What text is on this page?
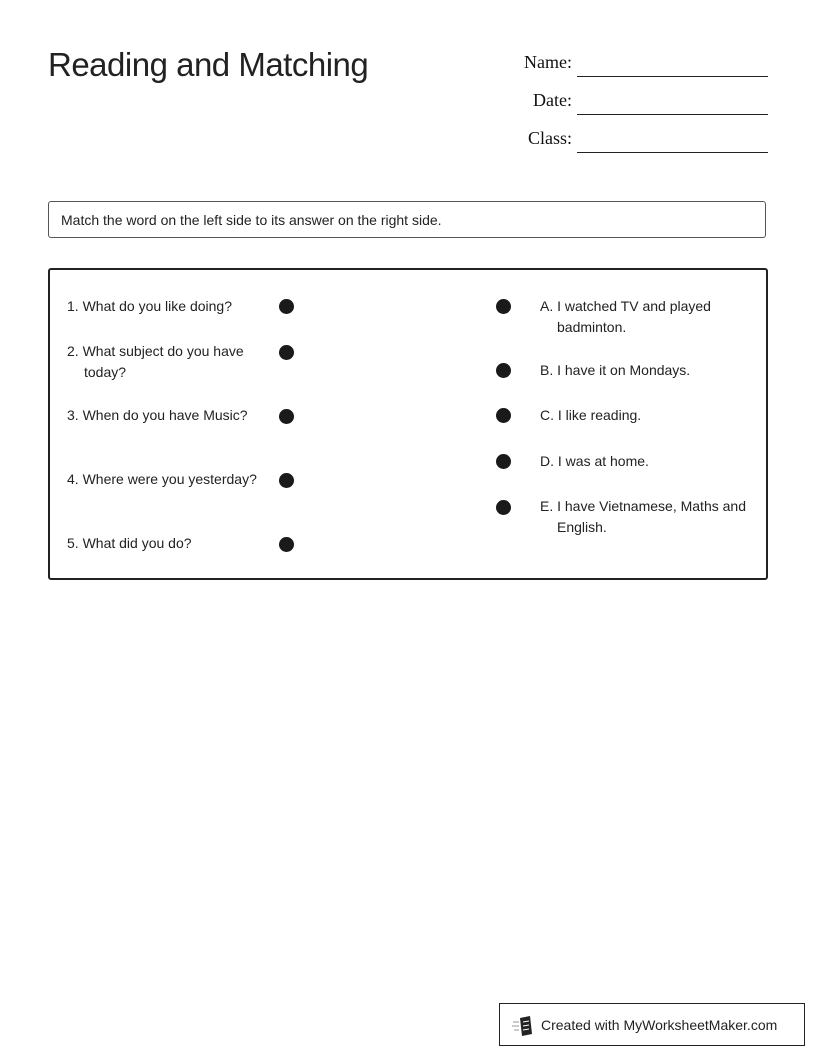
Reading and Matching	Name:
Date:
Class:
Match the word on the left side to its answer on the right side.
1. What do you like doing?
2. What subject do you have today?
3. When do you have Music?
4. Where were you yesterday?
5. What did you do?
A. I watched TV and played badminton.
B. I have it on Mondays.
C. I like reading.
D. I was at home.
E. I have Vietnamese, Maths and English.
Created with MyWorksheetMaker.com
